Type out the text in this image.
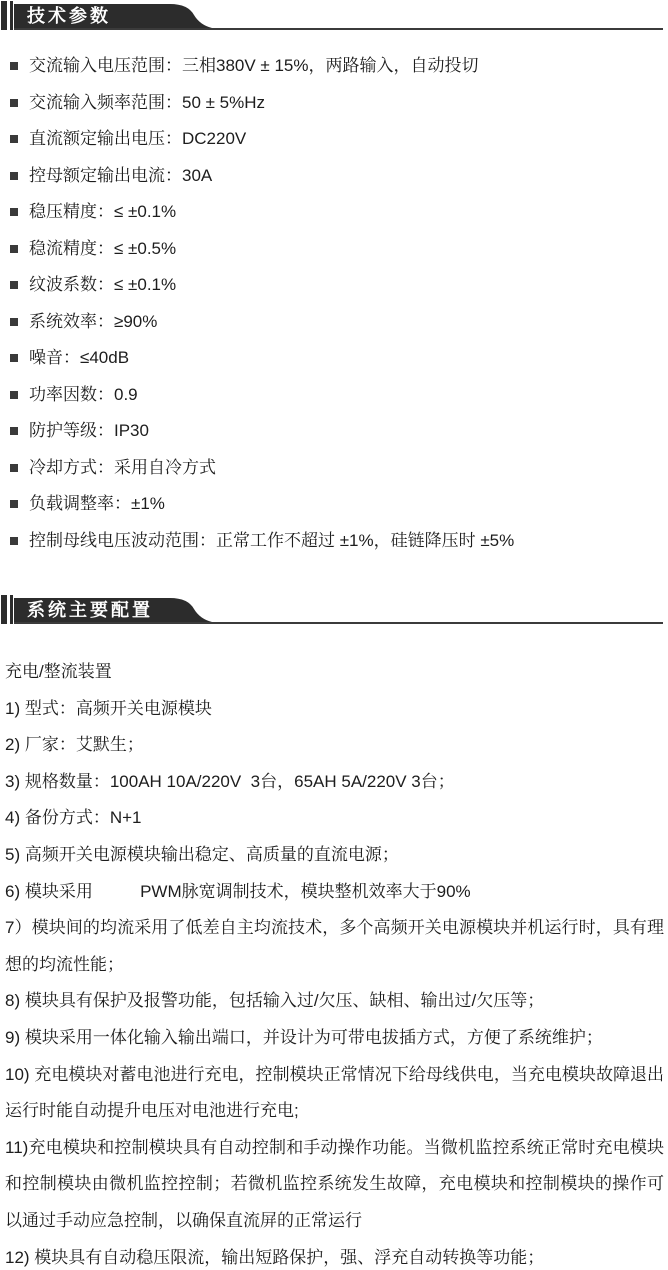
技术参数
交流输入电压范围：三相380V ± 15%，两路输入，自动投切
交流输入频率范围：50 ± 5%Hz
直流额定输出电压：DC220V
控母额定输出电流：30A
稳压精度：≤ ±0.1%
稳流精度：≤ ±0.5%
纹波系数：≤ ±0.1%
系统效率：≥90%
噪音：≤40dB
功率因数：0.9
防护等级：IP30
冷却方式：采用自冷方式
负载调整率：±1%
控制母线电压波动范围：正常工作不超过 ±1%，硅链降压时 ±5%
系统主要配置

充电/整流装置

1) 型式：高频开关电源模块

2) 厂家：艾默生；

3) 规格数量：100AH 10A/220V  3台，65AH 5A/220V 3台；

4) 备份方式：N+1

5) 高频开关电源模块输出稳定、高质量的直流电源；

6) 模块采用          PWM脉宽调制技术，模块整机效率大于90%

7）模块间的均流采用了低差自主均流技术，多个高频开关电源模块并机运行时，具有理想的均流性能；

8) 模块具有保护及报警功能，包括输入过/欠压、缺相、输出过/欠压等；

9) 模块采用一体化输入输出端口，并设计为可带电拔插方式，方便了系统维护；

10) 充电模块对蓄电池进行充电，控制模块正常情况下给母线供电，当充电模块故障退出运行时能自动提升电压对电池进行充电;

11)充电模块和控制模块具有自动控制和手动操作功能。当微机监控系统正常时充电模块和控制模块由微机监控控制；若微机监控系统发生故障，充电模块和控制模块的操作可以通过手动应急控制，以确保直流屏的正常运行

12) 模块具有自动稳压限流，输出短路保护，强、浮充自动转换等功能；
